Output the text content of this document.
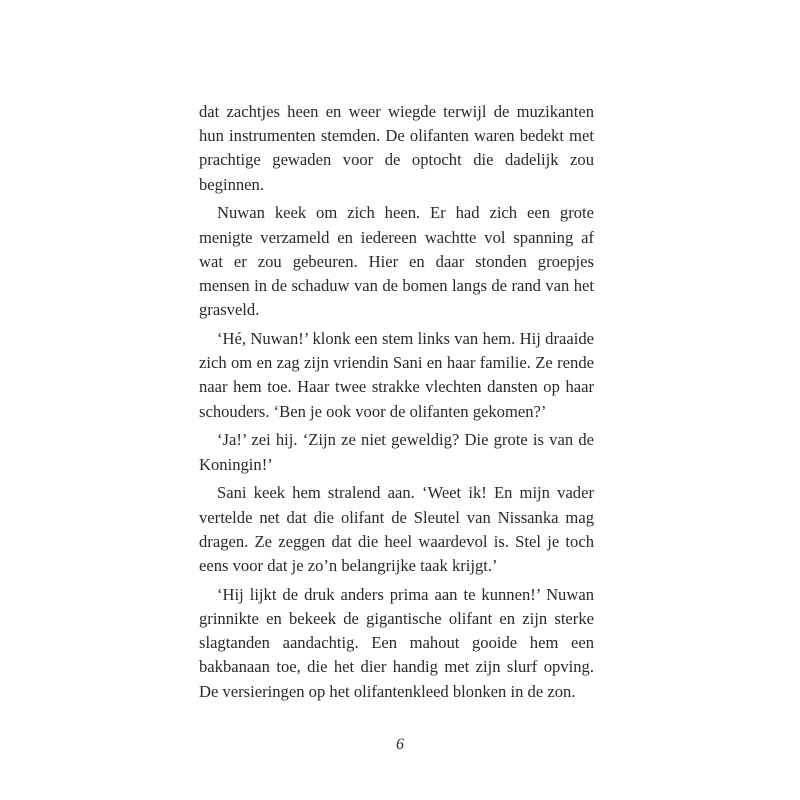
dat zachtjes heen en weer wiegde terwijl de muzikanten hun instrumenten stemden. De olifanten waren bedekt met prachtige gewaden voor de optocht die dadelijk zou beginnen.

Nuwan keek om zich heen. Er had zich een grote menigte verzameld en iedereen wachtte vol spanning af wat er zou gebeuren. Hier en daar stonden groepjes mensen in de schaduw van de bomen langs de rand van het grasveld.

‘Hé, Nuwan!’ klonk een stem links van hem. Hij draaide zich om en zag zijn vriendin Sani en haar familie. Ze rende naar hem toe. Haar twee strakke vlechten dansten op haar schouders. ‘Ben je ook voor de olifanten gekomen?’

‘Ja!’ zei hij. ‘Zijn ze niet geweldig? Die grote is van de Koningin!’

Sani keek hem stralend aan. ‘Weet ik! En mijn vader vertelde net dat die olifant de Sleutel van Nissanka mag dragen. Ze zeggen dat die heel waardevol is. Stel je toch eens voor dat je zo’n belangrijke taak krijgt.’

‘Hij lijkt de druk anders prima aan te kunnen!’ Nuwan grinnikte en bekeek de gigantische olifant en zijn sterke slagtanden aandachtig. Een mahout gooide hem een bakbanaan toe, die het dier handig met zijn slurf opving. De versieringen op het olifantenkleed blonken in de zon.

6
